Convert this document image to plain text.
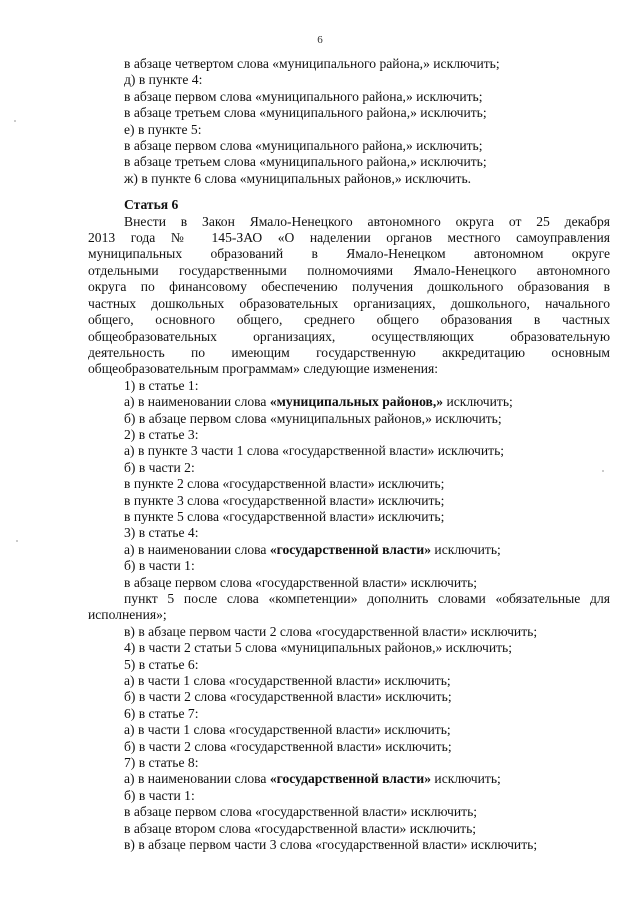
6
в абзаце четвертом слова «муниципального района,» исключить;
д) в пункте 4:
в абзаце первом слова «муниципального района,» исключить;
в абзаце третьем слова «муниципального района,» исключить;
е) в пункте 5:
в абзаце первом слова «муниципального района,» исключить;
в абзаце третьем слова «муниципального района,» исключить;
ж) в пункте 6 слова «муниципальных районов,» исключить.
Статья 6
Внести в Закон Ямало-Ненецкого автономного округа от 25 декабря
2013 года № 145-ЗАО «О наделении органов местного самоуправления
муниципальных образований в Ямало-Ненецком автономном округе
отдельными государственными полномочиями Ямало-Ненецкого автономного
округа по финансовому обеспечению получения дошкольного образования в
частных дошкольных образовательных организациях, дошкольного, начального
общего, основного общего, среднего общего образования в частных
общеобразовательных организациях, осуществляющих образовательную
деятельность по имеющим государственную аккредитацию основным
общеобразовательным программам» следующие изменения:
1) в статье 1:
а) в наименовании слова «муниципальных районов,» исключить;
б) в абзаце первом слова «муниципальных районов,» исключить;
2) в статье 3:
а) в пункте 3 части 1 слова «государственной власти» исключить;
б) в части 2:
в пункте 2 слова «государственной власти» исключить;
в пункте 3 слова «государственной власти» исключить;
в пункте 5 слова «государственной власти» исключить;
3) в статье 4:
а) в наименовании слова «государственной власти» исключить;
б) в части 1:
в абзаце первом слова «государственной власти» исключить;
пункт 5 после слова «компетенции» дополнить словами «обязательные для
исполнения»;
в) в абзаце первом части 2 слова «государственной власти» исключить;
4) в части 2 статьи 5 слова «муниципальных районов,» исключить;
5) в статье 6:
а) в части 1 слова «государственной власти» исключить;
б) в части 2 слова «государственной власти» исключить;
6) в статье 7:
а) в части 1 слова «государственной власти» исключить;
б) в части 2 слова «государственной власти» исключить;
7) в статье 8:
а) в наименовании слова «государственной власти» исключить;
б) в части 1:
в абзаце первом слова «государственной власти» исключить;
в абзаце втором слова «государственной власти» исключить;
в) в абзаце первом части 3 слова «государственной власти» исключить;
